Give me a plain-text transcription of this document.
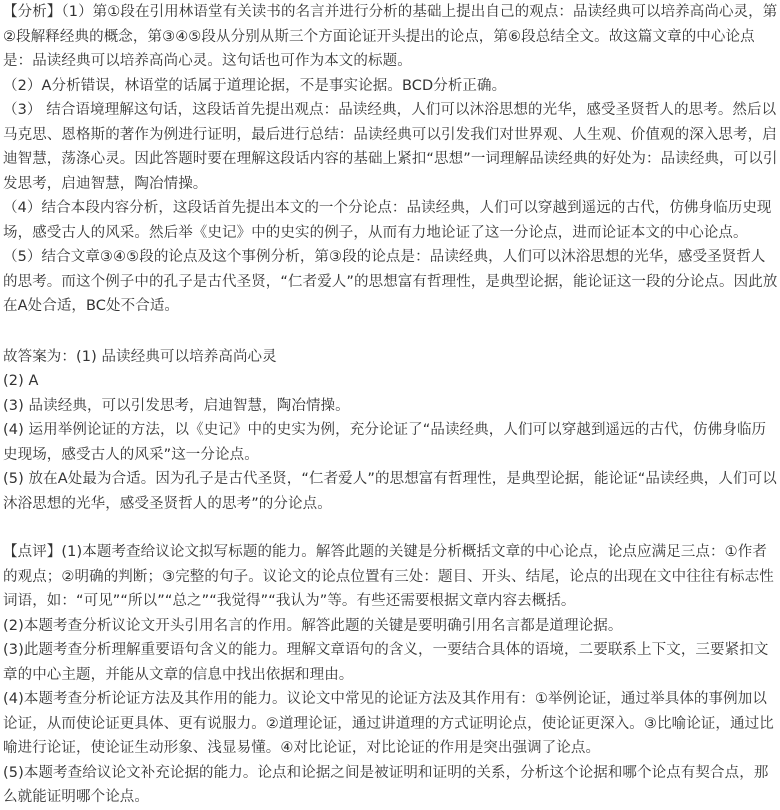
【分析】（1）第①段在引用林语堂有关读书的名言并进行分析的基础上提出自己的观点：品读经典可以培养高尚心灵，第②段解释经典的概念，第③④⑤段从分别从斯三个方面论证开头提出的论点，第⑥段总结全文。故这篇文章的中心论点是：品读经典可以培养高尚心灵。这句话也可作为本文的标题。

（2）A分析错误，林语堂的话属于道理论据，不是事实论据。BCD分析正确。

（3） 结合语境理解这句话，这段话首先提出观点：品读经典，人们可以沐浴思想的光华，感受圣贤哲人的思考。然后以马克思、恩格斯的著作为例进行证明，最后进行总结：品读经典可以引发我们对世界观、人生观、价值观的深入思考，启迪智慧，荡涤心灵。因此答题时要在理解这段话内容的基础上紧扣“思想”一词理解品读经典的好处为：品读经典，可以引发思考，启迪智慧，陶冶情操。

（4）结合本段内容分析，这段话首先提出本文的一个分论点：品读经典，人们可以穿越到遥远的古代，仿佛身临历史现场，感受古人的风采。然后举《史记》中的史实的例子，从而有力地论证了这一分论点，进而论证本文的中心论点。

（5）结合文章③④⑤段的论点及这个事例分析，第③段的论点是：品读经典，人们可以沐浴思想的光华，感受圣贤哲人的思考。而这个例子中的孔子是古代圣贤，“仁者爱人”的思想富有哲理性，是典型论据，能论证这一段的分论点。因此放在A处合适，BC处不合适。

故答案为：(1) 品读经典可以培养高尚心灵

(2) A

(3) 品读经典，可以引发思考，启迪智慧，陶冶情操。

(4) 运用举例论证的方法，以《史记》中的史实为例，充分论证了“品读经典，人们可以穿越到遥远的古代，仿佛身临历史现场，感受古人的风采”这一分论点。

(5) 放在A处最为合适。因为孔子是古代圣贤，“仁者爱人”的思想富有哲理性，是典型论据，能论证“品读经典，人们可以沐浴思想的光华，感受圣贤哲人的思考”的分论点。

【点评】(1)本题考查给议论文拟写标题的能力。解答此题的关键是分析概括文章的中心论点，论点应满足三点：①作者的观点；②明确的判断；③完整的句子。议论文的论点位置有三处：题目、开头、结尾，论点的出现在文中往往有标志性词语，如：“可见”“所以”“总之”“我觉得”“我认为”等。有些还需要根据文章内容去概括。

(2)本题考查分析议论文开头引用名言的作用。解答此题的关键是要明确引用名言都是道理论据。

(3)此题考查分析理解重要语句含义的能力。理解文章语句的含义，一要结合具体的语境，二要联系上下文，三要紧扣文章的中心主题，并能从文章的信息中找出依据和理由。

(4)本题考查分析论证方法及其作用的能力。议论文中常见的论证方法及其作用有：①举例论证，通过举具体的事例加以论证，从而使论证更具体、更有说服力。②道理论证，通过讲道理的方式证明论点，使论证更深入。③比喻论证，通过比喻进行论证，使论证生动形象、浅显易懂。④对比论证，对比论证的作用是突出强调了论点。

(5)本题考查给议论文补充论据的能力。论点和论据之间是被证明和证明的关系，分析这个论据和哪个论点有契合点，那么就能证明哪个论点。
